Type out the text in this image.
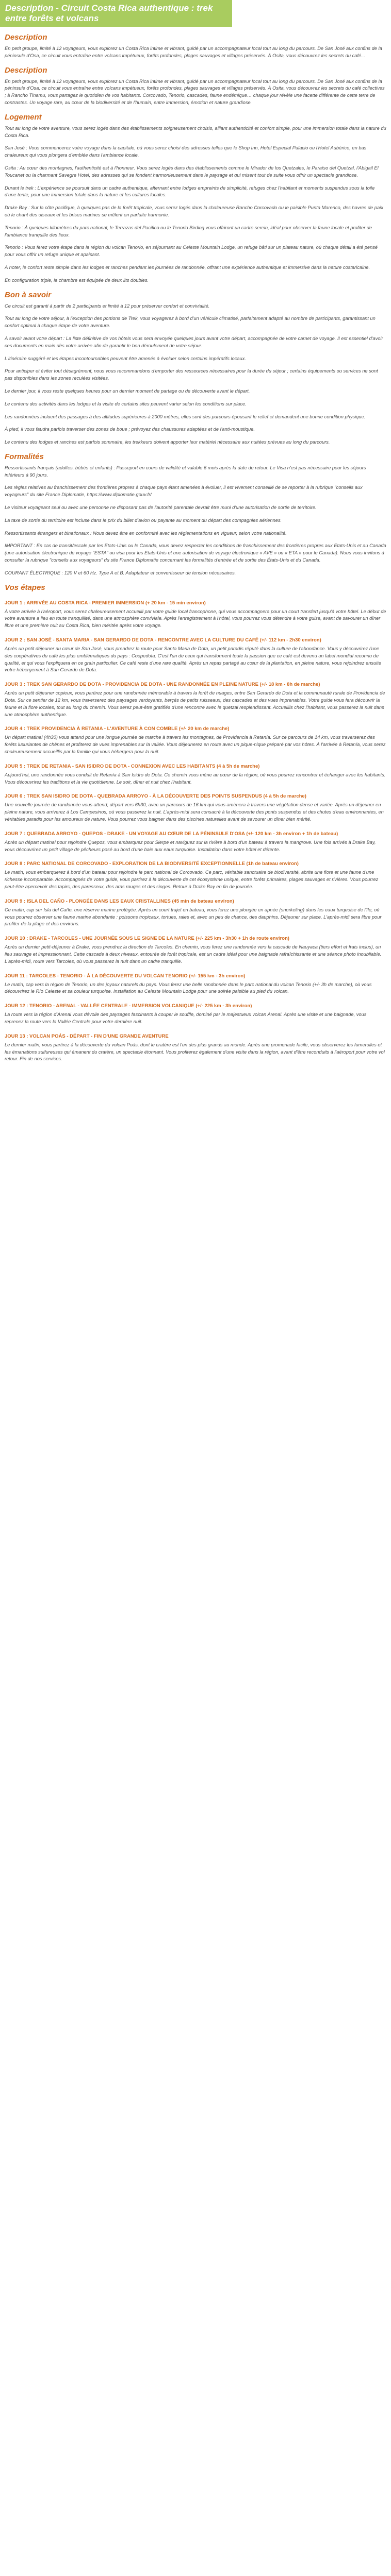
Description - Circuit Costa Rica authentique : trek entre forêts et volcans
Description

En petit groupe, limité à 12 voyageurs, vous explorez un Costa Rica intime et vibrant, guidé par un accompagnateur local tout au long du parcours. De San José aux confins de la péninsule d'Osa, ce circuit vous entraîne entre volcans impétueux, forêts profondes, plages sauvages et villages préservés. À Osita, vous découvrez les secrets du café...

Description

En petit groupe, limité à 12 voyageurs, vous explorez un Costa Rica intime et vibrant, guidé par un accompagnateur local tout au long du parcours. De San José aux confins de la péninsule d'Osa, ce circuit vous entraîne entre volcans impétueux, forêts profondes, plages sauvages et villages préservés. À Osita, vous découvrez les secrets du café collectives ; à Rancho Tinamu, vous partagez le quotidien de vos habitants. Corcovado, Tenorio, cascades, faune endémique… chaque jour révèle une facette différente de cette terre de contrastes. Un voyage rare, au cœur de la biodiversité et de l'humain, entre immersion, émotion et nature grandiose.

Logement

Tout au long de votre aventure, vous serez logés dans des établissements soigneusement choisis, alliant authenticité et confort simple, pour une immersion totale dans la nature du Costa Rica.

San José : Vous commencerez votre voyage dans la capitale, où vous serez choisi des adresses telles que le Shop Inn, Hotel Especial Palacio ou l'Hotel Aubérico, en bas chaleureux qui vous plongera d'emblée dans l'ambiance locale.

Osita : Au cœur des montagnes, l'authenticité est à l'honneur. Vous serez logés dans des établissements comme le Mirador de los Quetzales, le Paraíso del Quetzal, l'Abigail El Toucanet ou la charmant Savegre Hotel, des adresses qui se fondent harmonieusement dans le paysage et qui misent tout de suite vous offrir un spectacle grandiose.

Durant le trek : L'expérience se poursuit dans un cadre authentique, alternant entre lodges empreints de simplicité, refuges chez l'habitant et moments suspendus sous la toile d'une tente, pour une immersion totale dans la nature et les cultures locales.

Drake Bay : Sur la côte pacifique, à quelques pas de la forêt tropicale, vous serez logés dans la chaleureuse Rancho Corcovado ou le paisible Punta Marenco, des havres de paix où le chant des oiseaux et les brises marines se mêlent en parfaite harmonie.

Tenorio : À quelques kilomètres du parc national, le Terrazas del Pacifico ou le Tenorio Birding vous offriront un cadre serein, idéal pour observer la faune locale et profiter de l'ambiance tranquille des lieux.

Tenorio : Vous ferez votre étape dans la région du volcan Tenorio, en séjournant au Celeste Mountain Lodge, un refuge bâti sur un plateau nature, où chaque détail a été pensé pour vous offrir un refuge unique et apaisant.

À noter, le confort reste simple dans les lodges et ranches pendant les journées de randonnée, offrant une expérience authentique et immersive dans la nature costaricaine.

En configuration triple, la chambre est équipée de deux lits doubles.

Bon à savoir

Ce circuit est garanti à partir de 2 participants et limité à 12 pour préserver confort et convivialité.

Tout au long de votre séjour, à l'exception des portions de Trek, vous voyagerez à bord d'un véhicule climatisé, parfaitement adapté au nombre de participants, garantissant un confort optimal à chaque étape de votre aventure.

À savoir avant votre départ : La liste définitive de vos hôtels vous sera envoyée quelques jours avant votre départ, accompagnée de votre carnet de voyage. Il est essentiel d'avoir ces documents en main dès votre arrivée afin de garantir le bon déroulement de votre séjour.

L'itinéraire suggéré et les étapes incontournables peuvent être amenés à évoluer selon certains impératifs locaux.

Pour anticiper et éviter tout désagrément, nous vous recommandons d'emporter des ressources nécessaires pour la durée du séjour ; certains équipements ou services ne sont pas disponibles dans les zones reculées visitées.

Le dernier jour, il vous reste quelques heures pour un dernier moment de partage ou de découverte avant le départ.

Le contenu des activités dans les lodges et la visite de certains sites peuvent varier selon les conditions sur place.

Les randonnées incluent des passages à des altitudes supérieures à 2000 mètres, elles sont des parcours épousant le relief et demandent une bonne condition physique.

À pied, il vous faudra parfois traverser des zones de boue ; prévoyez des chaussures adaptées et de l'anti-moustique.

Le contenu des lodges et ranches est parfois sommaire, les trekkeurs doivent apporter leur matériel nécessaire aux nuitées prévues au long du parcours.

Formalités

Ressortissants français (adultes, bébés et enfants) : Passeport en cours de validité et valable 6 mois après la date de retour. Le Visa n'est pas nécessaire pour les séjours inférieurs à 90 jours.

Les règles relatives au franchissement des frontières propres à chaque pays étant amenées à évoluer, il est vivement conseillé de se reporter à la rubrique "conseils aux voyageurs" du site France Diplomatie, https://www.diplomatie.gouv.fr/

Le visiteur voyageant seul ou avec une personne ne disposant pas de l'autorité parentale devrait être muni d'une autorisation de sortie de territoire.

La taxe de sortie du territoire est incluse dans le prix du billet d'avion ou payante au moment du départ des compagnies aériennes.

Ressortissants étrangers et binationaux : Nous devez être en conformité avec les réglementations en vigueur, selon votre nationalité.

IMPORTANT : En cas de transit/escale par les Etats-Unis ou le Canada, vous devez respecter les conditions de franchissement des frontières propres aux Etats-Unis et au Canada (une autorisation électronique de voyage "ESTA" ou visa pour les Etats-Unis et une autorisation de voyage électronique « AVE » ou « ETA » pour le Canada). Nous vous invitons à consulter la rubrique "conseils aux voyageurs" du site France Diplomatie concernant les formalités d'entrée et de sortie des États-Unis et du Canada.

COURANT ÉLECTRIQUE : 120 V et 60 Hz. Type A et B. Adaptateur et convertisseur de tension nécessaires.

Vos étapes
JOUR 1 : ARRIVÉE AU COSTA RICA - PREMIER IMMERSION (+ 20 km - 15 min environ)

À votre arrivée à l'aéroport, vous serez chaleureusement accueilli par votre guide local francophone, qui vous accompagnera pour un court transfert jusqu'à votre hôtel. Le début de votre aventure a lieu en toute tranquillité, dans une atmosphère conviviale. Après l'enregistrement à l'hôtel, vous pourrez vous détendre à votre guise, avant de savourer un dîner libre et une première nuit au Costa Rica, bien méritée après votre voyage.

JOUR 2 : SAN JOSÉ - SANTA MARIA - SAN GERARDO DE DOTA - RENCONTRE AVEC LA CULTURE DU CAFÉ (+/- 112 km - 2h30 environ)

Après un petit déjeuner au cœur de San José, vous prendrez la route pour Santa Maria de Dota, un petit paradis réputé dans la culture de l'abondance. Vous y découvrirez l'une des coopératives du café les plus emblématiques du pays : Coopedota. C'est l'un de ceux qui transforment toute la passion que ce café est devenu un label mondial reconnu de qualité, et qui vous l'expliquera en ce grain particulier. Ce café reste d'une rare qualité. Après un repas partagé au cœur de la plantation, en pleine nature, vous rejoindrez ensuite votre hébergement à San Gerardo de Dota.

JOUR 3 : TREK SAN GERARDO DE DOTA - PROVIDENCIA DE DOTA - UNE RANDONNÉE EN PLEINE NATURE (+/- 18 km - 8h de marche)

Après un petit déjeuner copieux, vous partirez pour une randonnée mémorable à travers la forêt de nuages, entre San Gerardo de Dota et la communauté rurale de Providencia de Dota. Sur ce sentier de 12 km, vous traverserez des paysages verdoyants, berçés de petits ruisseaux, des cascades et des vues imprenables. Votre guide vous fera découvrir la faune et la flore locales, tout au long du chemin. Vous serez peut-être gratifiés d'une rencontre avec le quetzal resplendissant. Accueillis chez l'habitant, vous passerez la nuit dans une atmosphère authentique.

JOUR 4 : TREK PROVIDENCIA À RETANIA - L'AVENTURE À CON COMBLE (+/- 20 km de marche)

Un départ matinal (4h30) vous attend pour une longue journée de marche à travers les montagnes, de Providencia à Retanía. Sur ce parcours de 14 km, vous traverserez des forêts luxuriantes de chênes et profiterez de vues imprenables sur la vallée. Vous déjeunerez en route avec un pique-nique préparé par vos hôtes. À l'arrivée à Retanía, vous serez chaleureusement accueillis par la famille qui vous hébergera pour la nuit.

JOUR 5 : TREK DE RETANIA - SAN ISIDRO DE DOTA - CONNEXION AVEC LES HABITANTS (4 à 5h de marche)

Aujourd'hui, une randonnée vous conduit de Retanía à San Isidro de Dota. Ce chemin vous mène au cœur de la région, où vous pourrez rencontrer et échanger avec les habitants. Vous découvrirez les traditions et la vie quotidienne. Le soir, dîner et nuit chez l'habitant.

JOUR 6 : TREK SAN ISIDRO DE DOTA - QUEBRADA ARROYO - À LA DÉCOUVERTE DES POINTS SUSPENDUS (4 à 5h de marche)

Une nouvelle journée de randonnée vous attend, départ vers 6h30, avec un parcours de 16 km qui vous amènera à travers une végétation dense et variée. Après un déjeuner en pleine nature, vous arriverez à Los Campesinos, où vous passerez la nuit. L'après-midi sera consacré à la découverte des ponts suspendus et des chutes d'eau environnantes, en véritables paradis pour les amoureux de nature. Vous pourrez vous baigner dans des piscines naturelles avant de savourer un dîner bien mérité.

JOUR 7 : QUEBRADA ARROYO - QUEPOS - DRAKE - UN VOYAGE AU CŒUR DE LA PÉNINSULE D'OSA (+/- 120 km - 3h environ + 1h de bateau)

Après un départ matinal pour rejoindre Quepos, vous embarquez pour Sierpe et naviguez sur la rivière à bord d'un bateau à travers la mangrove. Une fois arrivés à Drake Bay, vous découvrirez un petit village de pêcheurs posé au bord d'une baie aux eaux turquoise. Installation dans votre hôtel et détente.

JOUR 8 : PARC NATIONAL DE CORCOVADO - EXPLORATION DE LA BIODIVERSITÉ EXCEPTIONNELLE (1h de bateau environ)

Le matin, vous embarquerez à bord d'un bateau pour rejoindre le parc national de Corcovado. Ce parc, véritable sanctuaire de biodiversité, abrite une flore et une faune d'une richesse incomparable. Accompagnés de votre guide, vous partirez à la découverte de cet écosystème unique, entre forêts primaires, plages sauvages et rivières. Vous pourrez peut-être apercevoir des tapirs, des paresseux, des aras rouges et des singes. Retour à Drake Bay en fin de journée.

JOUR 9 : ISLA DEL CAÑO - PLONGÉE DANS LES EAUX CRISTALLINES (45 min de bateau environ)

Ce matin, cap sur Isla del Caño, une réserve marine protégée. Après un court trajet en bateau, vous ferez une plongée en apnée (snorkeling) dans les eaux turquoise de l'île, où vous pourrez observer une faune marine abondante : poissons tropicaux, tortues, raies et, avec un peu de chance, des dauphins. Déjeuner sur place. L'après-midi sera libre pour profiter de la plage et des environs.

JOUR 10 : DRAKE - TARCOLES - UNE JOURNÉE SOUS LE SIGNE DE LA NATURE (+/- 225 km - 3h30 + 1h de route environ)

Après un dernier petit-déjeuner à Drake, vous prendrez la direction de Tarcoles. En chemin, vous ferez une randonnée vers la cascade de Nauyaca (tiers effort et frais inclus), un lieu sauvage et impressionnant. Cette cascade à deux niveaux, entourée de forêt tropicale, est un cadre idéal pour une baignade rafraîchissante et une séance photo inoubliable. L'après-midi, route vers Tarcoles, où vous passerez la nuit dans un cadre tranquille.

JOUR 11 : TARCOLES - TENORIO - À LA DÉCOUVERTE DU VOLCAN TENORIO (+/- 155 km - 3h environ)

Le matin, cap vers la région de Tenorio, un des joyaux naturels du pays. Vous ferez une belle randonnée dans le parc national du volcan Tenorio (+/- 3h de marche), où vous découvrirez le Río Celeste et sa couleur turquoise. Installation au Celeste Mountain Lodge pour une soirée paisible au pied du volcan.

JOUR 12 : TENORIO - ARENAL - VALLÉE CENTRALE - IMMERSION VOLCANIQUE (+/- 225 km - 3h environ)

La route vers la région d'Arenal vous dévoile des paysages fascinants à couper le souffle, dominé par le majestueux volcan Arenal. Après une visite et une baignade, vous reprenez la route vers la Vallée Centrale pour votre dernière nuit.

JOUR 13 : VOLCAN POÁS - DÉPART - FIN D'UNE GRANDE AVENTURE

Le dernier matin, vous partirez à la découverte du volcan Poás, dont le cratère est l'un des plus grands au monde. Après une promenade facile, vous observerez les fumerolles et les émanations sulfureuses qui émanent du cratère, un spectacle étonnant. Vous profiterez également d'une visite dans la région, avant d'être reconduits à l'aéroport pour votre vol retour. Fin de nos services.
